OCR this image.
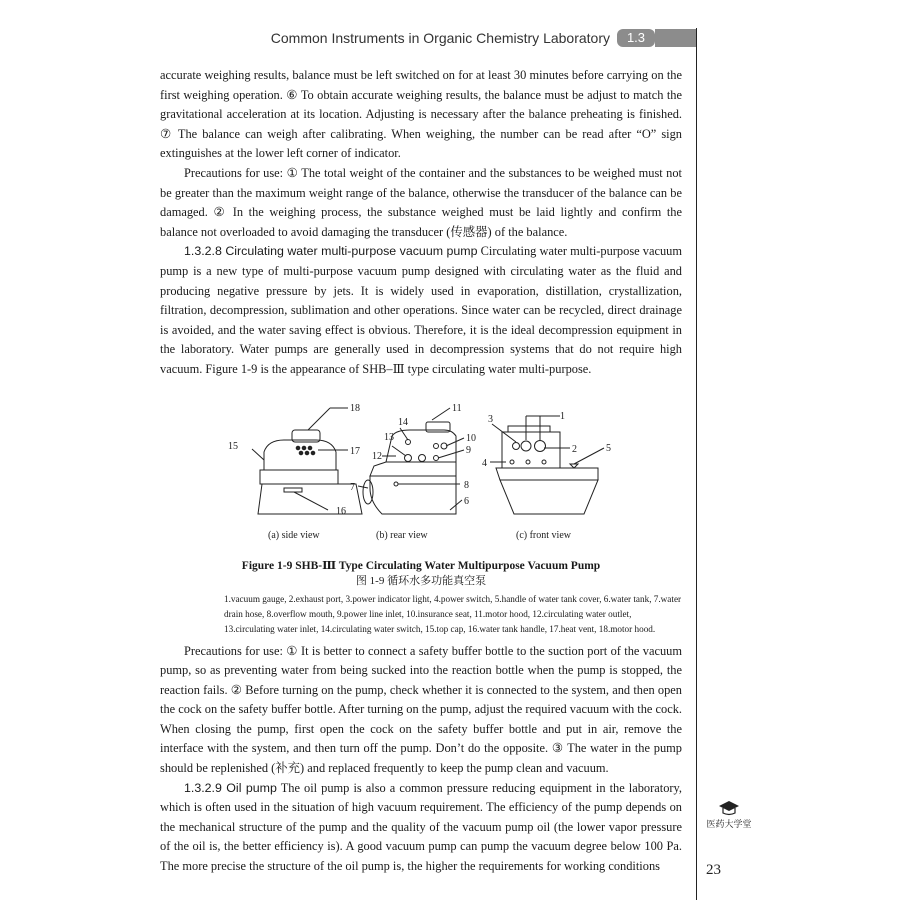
Common Instruments in Organic Chemistry Laboratory	1.3

accurate weighing results, balance must be left switched on for at least 30 minutes before carrying on the first weighing operation. ⑥ To obtain accurate weighing results, the balance must be adjust to match the gravitational acceleration at its location. Adjusting is necessary after the balance preheating is finished. ⑦ The balance can weigh after calibrating. When weighing, the number can be read after “O” sign extinguishes at the lower left corner of indicator.

Precautions for use: ① The total weight of the container and the substances to be weighed must not be greater than the maximum weight range of the balance, otherwise the transducer of the balance can be damaged. ② In the weighing process, the substance weighed must be laid lightly and confirm the balance not overloaded to avoid damaging the transducer (传感器) of the balance.

1.3.2.8 Circulating water multi-purpose vacuum pump Circulating water multi-purpose vacuum pump is a new type of multi-purpose vacuum pump designed with circulating water as the fluid and producing negative pressure by jets. It is widely used in evaporation, distillation, crystallization, filtration, decompression, sublimation and other operations. Since water can be recycled, direct drainage is avoided, and the water saving effect is obvious. Therefore, it is the ideal decompression equipment in the laboratory. Water pumps are generally used in decompression systems that do not require high vacuum. Figure 1-9 is the appearance of SHB–Ⅲ type circulating water multi-purpose.

18
15	17
16
14
11
13	10
12
9
7	8
6
3	1
2	5
4
(a) side view	(b) rear view	(c) front view
Figure 1-9 SHB-Ⅲ Type Circulating Water Multipurpose Vacuum Pump
图 1-9 循环水多功能真空泵
1.vacuum gauge, 2.exhaust port, 3.power indicator light, 4.power switch, 5.handle of water tank cover, 6.water tank, 7.water drain hose, 8.overflow mouth, 9.power line inlet, 10.insurance seat, 11.motor hood, 12.circulating water outlet, 13.circulating water inlet, 14.circulating water switch, 15.top cap, 16.water tank handle, 17.heat vent, 18.motor hood.

Precautions for use: ① It is better to connect a safety buffer bottle to the suction port of the vacuum pump, so as preventing water from being sucked into the reaction bottle when the pump is stopped, the reaction fails. ② Before turning on the pump, check whether it is connected to the system, and then open the cock on the safety buffer bottle. After turning on the pump, adjust the required vacuum with the cock. When closing the pump, first open the cock on the safety buffer bottle and put in air, remove the interface with the system, and then turn off the pump. Don’t do the opposite. ③ The water in the pump should be replenished (补充) and replaced frequently to keep the pump clean and vacuum.

1.3.2.9 Oil pump The oil pump is also a common pressure reducing equipment in the laboratory, which is often used in the situation of high vacuum requirement. The efficiency of the pump depends on the mechanical structure of the pump and the quality of the vacuum pump oil (the lower vapor pressure of the oil is, the better efficiency is). A good vacuum pump can pump the vacuum degree below 100 Pa. The more precise the structure of the oil pump is, the higher the requirements for working conditions

医药大学堂
23
